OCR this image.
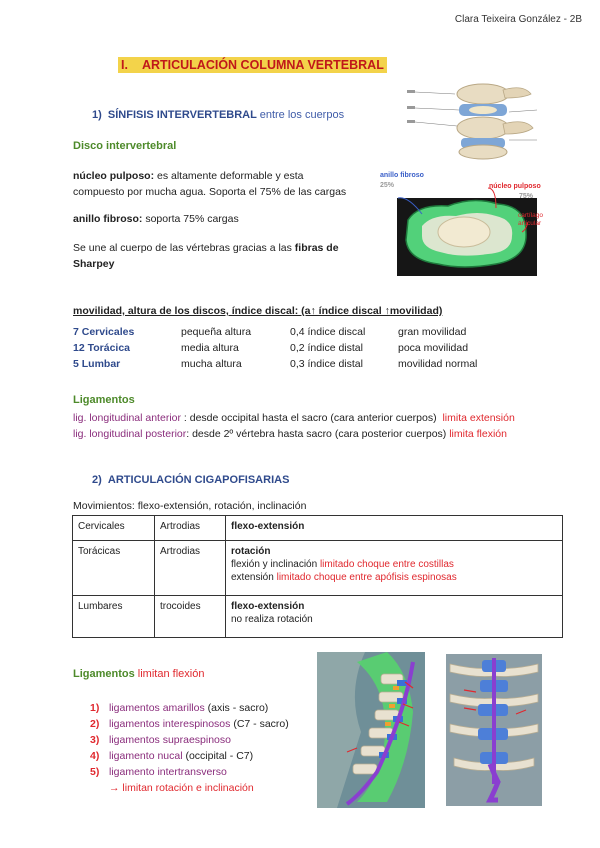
Clara Teixeira González - 2B
I. ARTICULACIÓN COLUMNA VERTEBRAL
1) SÍNFISIS INTERVERTEBRAL entre los cuerpos
Disco intervertebral
núcleo pulposo: es altamente deformable y esta
compuesto por mucha agua. Soporta el 75% de las cargas
anillo fibroso: soporta 75% cargas
Se une al cuerpo de las vértebras gracias a las fibras de Sharpey
anillo fibroso
25%	núcleo pulposo
75%
cartílago articular
movilidad, altura de los discos, índice discal: (a↑ índice discal ↑movilidad)
7 Cervicales	pequeña altura	0,4 índice discal	gran movilidad
12 Torácica	media altura	0,2 índice distal	poca movilidad
5 Lumbar	mucha altura	0,3 índice distal	movilidad normal
Ligamentos
lig. longitudinal anterior : desde occipital hasta el sacro (cara anterior cuerpos) limita extensión
lig. longitudinal posterior: desde 2º vértebra hasta sacro (cara posterior cuerpos) limita flexión
2) ARTICULACIÓN CIGAPOFISARIAS
Movimientos: flexo-extensión, rotación, inclinación
Cervicales	Artrodias	flexo-extensión
Torácicas	Artrodias	rotación
flexión y inclinación limitado choque entre costillas
extensión limitado choque entre apófisis espinosas
Lumbares	trocoides	flexo-extensión
no realiza rotación
Ligamentos limitan flexión
1) ligamentos amarillos (axis - sacro)
2) ligamentos interespinosos (C7 - sacro)
3) ligamentos supraespinoso
4) ligamento nucal (occipital - C7)
5) ligamento intertransverso
→ limitan rotación e inclinación
